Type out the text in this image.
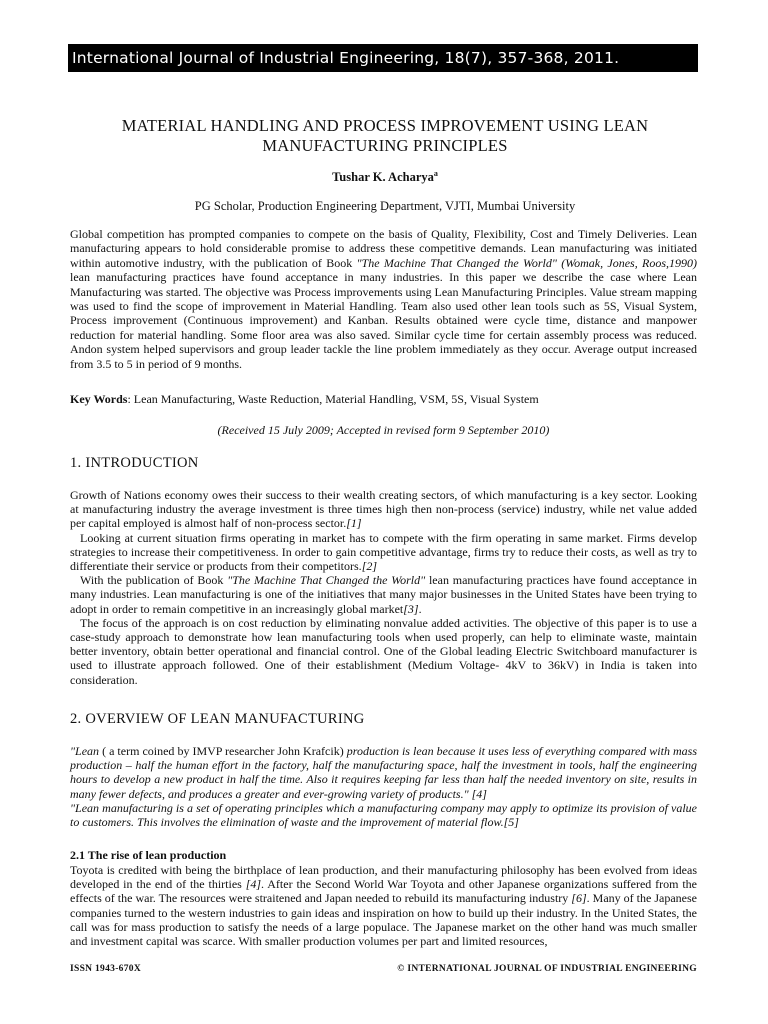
International Journal of Industrial Engineering, 18(7), 357-368, 2011.
MATERIAL HANDLING AND PROCESS IMPROVEMENT USING LEAN MANUFACTURING PRINCIPLES
Tushar K. Acharya$^a$
PG Scholar, Production Engineering Department, VJTI, Mumbai University

Global competition has prompted companies to compete on the basis of Quality, Flexibility, Cost and Timely Deliveries. Lean manufacturing appears to hold considerable promise to address these competitive demands. Lean manufacturing was initiated within automotive industry, with the publication of Book "The Machine That Changed the World" (Womak, Jones, Roos,1990) lean manufacturing practices have found acceptance in many industries. In this paper we describe the case where Lean Manufacturing was started. The objective was Process improvements using Lean Manufacturing Principles. Value stream mapping was used to find the scope of improvement in Material Handling. Team also used other lean tools such as 5S, Visual System, Process improvement (Continuous improvement) and Kanban. Results obtained were cycle time, distance and manpower reduction for material handling. Some floor area was also saved. Similar cycle time for certain assembly process was reduced. Andon system helped supervisors and group leader tackle the line problem immediately as they occur. Average output increased from 3.5 to 5 in period of 9 months.

Key Words: Lean Manufacturing, Waste Reduction, Material Handling, VSM, 5S, Visual System

(Received 15 July 2009; Accepted in revised form 9 September 2010)

1. INTRODUCTION

Growth of Nations economy owes their success to their wealth creating sectors, of which manufacturing is a key sector. Looking at manufacturing industry the average investment is three times high then non-process (service) industry, while net value added per capital employed is almost half of non-process sector.[1]

Looking at current situation firms operating in market has to compete with the firm operating in same market. Firms develop strategies to increase their competitiveness. In order to gain competitive advantage, firms try to reduce their costs, as well as try to differentiate their service or products from their competitors.[2]

With the publication of Book "The Machine That Changed the World" lean manufacturing practices have found acceptance in many industries. Lean manufacturing is one of the initiatives that many major businesses in the United States have been trying to adopt in order to remain competitive in an increasingly global market[3].

The focus of the approach is on cost reduction by eliminating nonvalue added activities. The objective of this paper is to use a case-study approach to demonstrate how lean manufacturing tools when used properly, can help to eliminate waste, maintain better inventory, obtain better operational and financial control. One of the Global leading Electric Switchboard manufacturer is used to illustrate approach followed. One of their establishment (Medium Voltage- 4kV to 36kV) in India is taken into consideration.

2. OVERVIEW OF LEAN MANUFACTURING

"Lean ( a term coined by IMVP researcher John Krafcik) production is lean because it uses less of everything compared with mass production – half the human effort in the factory, half the manufacturing space, half the investment in tools, half the engineering hours to develop a new product in half the time. Also it requires keeping far less than half the needed inventory on site, results in many fewer defects, and produces a greater and ever-growing variety of products." [4]

"Lean manufacturing is a set of operating principles which a manufacturing company may apply to optimize its provision of value to customers. This involves the elimination of waste and the improvement of material flow.[5]

2.1 The rise of lean production

Toyota is credited with being the birthplace of lean production, and their manufacturing philosophy has been evolved from ideas developed in the end of the thirties [4]. After the Second World War Toyota and other Japanese organizations suffered from the effects of the war. The resources were straitened and Japan needed to rebuild its manufacturing industry [6]. Many of the Japanese companies turned to the western industries to gain ideas and inspiration on how to build up their industry. In the United States, the call was for mass production to satisfy the needs of a large populace. The Japanese market on the other hand was much smaller and investment capital was scarce. With smaller production volumes per part and limited resources,

ISSN 1943-670X	© INTERNATIONAL JOURNAL OF INDUSTRIAL ENGINEERING
